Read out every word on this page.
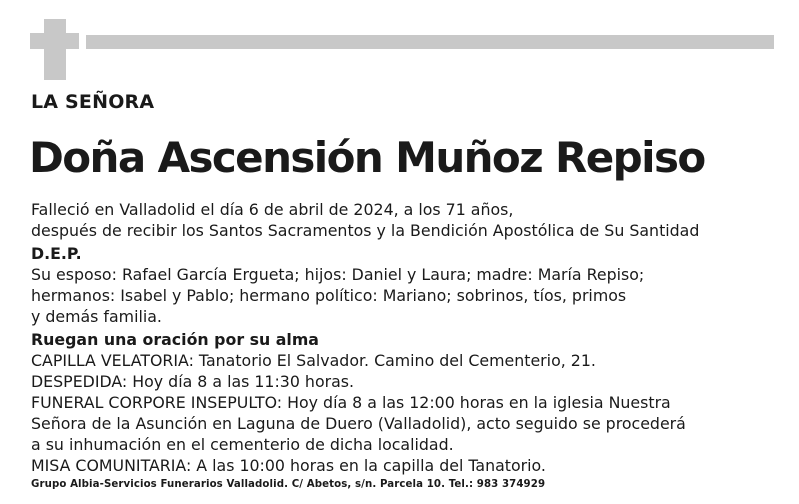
LA SEÑORA
Doña Ascensión Muñoz Repiso
Falleció en Valladolid el día 6 de abril de 2024, a los 71 años,
después de recibir los Santos Sacramentos y la Bendición Apostólica de Su Santidad
D.E.P.
Su esposo: Rafael García Ergueta; hijos: Daniel y Laura; madre: María Repiso;
hermanos: Isabel y Pablo; hermano político: Mariano; sobrinos, tíos, primos
y demás familia.
Ruegan una oración por su alma
CAPILLA VELATORIA: Tanatorio El Salvador. Camino del Cementerio, 21.
DESPEDIDA: Hoy día 8 a las 11:30 horas.
FUNERAL CORPORE INSEPULTO: Hoy día 8 a las 12:00 horas en la iglesia Nuestra
Señora de la Asunción en Laguna de Duero (Valladolid), acto seguido se procederá
a su inhumación en el cementerio de dicha localidad.
MISA COMUNITARIA: A las 10:00 horas en la capilla del Tanatorio.
Grupo Albia-Servicios Funerarios Valladolid. C/ Abetos, s/n. Parcela 10. Tel.: 983 374929
